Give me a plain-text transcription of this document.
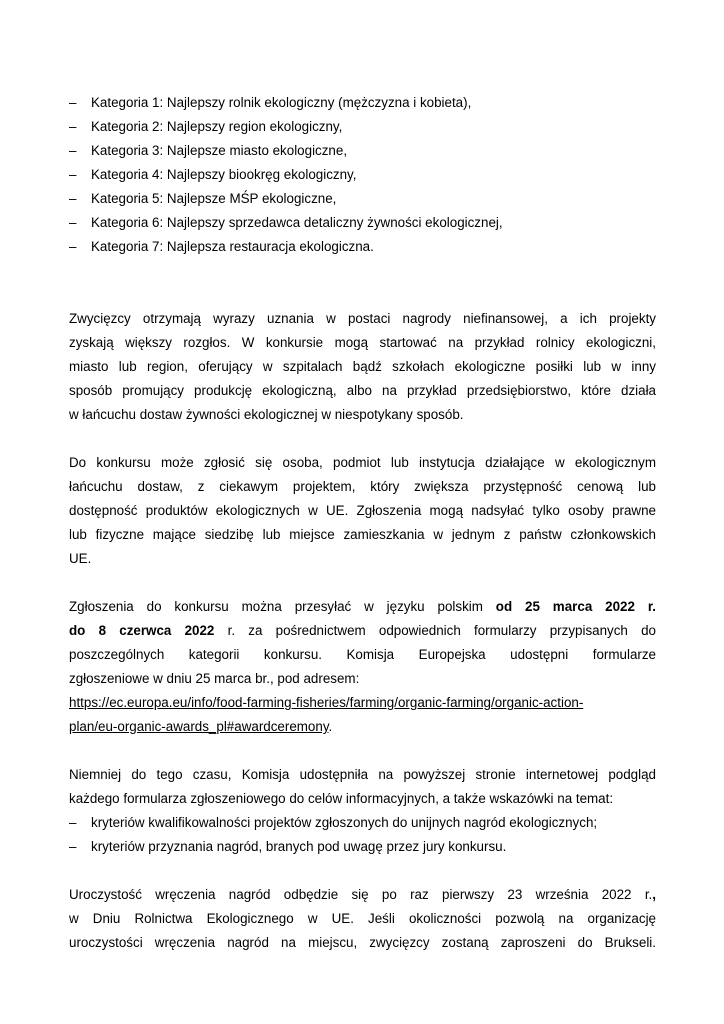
– Kategoria 1: Najlepszy rolnik ekologiczny (mężczyzna i kobieta),
– Kategoria 2: Najlepszy region ekologiczny,
– Kategoria 3: Najlepsze miasto ekologiczne,
– Kategoria 4: Najlepszy biookręg ekologiczny,
– Kategoria 5: Najlepsze MŚP ekologiczne,
– Kategoria 6: Najlepszy sprzedawca detaliczny żywności ekologicznej,
– Kategoria 7: Najlepsza restauracja ekologiczna.

Zwycięzcy otrzymają wyrazy uznania w postaci nagrody niefinansowej, a ich projekty
zyskają większy rozgłos. W konkursie mogą startować na przykład rolnicy ekologiczni,
miasto lub region, oferujący w szpitalach bądź szkołach ekologiczne posiłki lub w inny
sposób promujący produkcję ekologiczną, albo na przykład przedsiębiorstwo, które działa
w łańcuchu dostaw żywności ekologicznej w niespotykany sposób.

Do konkursu może zgłosić się osoba, podmiot lub instytucja działające w ekologicznym
łańcuchu dostaw, z ciekawym projektem, który zwiększa przystępność cenową lub
dostępność produktów ekologicznych w UE. Zgłoszenia mogą nadsyłać tylko osoby prawne
lub fizyczne mające siedzibę lub miejsce zamieszkania w jednym z państw członkowskich
UE.

Zgłoszenia do konkursu można przesyłać w języku polskim od 25 marca 2022 r.
do 8 czerwca 2022 r. za pośrednictwem odpowiednich formularzy przypisanych do
poszczególnych kategorii konkursu. Komisja Europejska udostępni formularze
zgłoszeniowe w dniu 25 marca br., pod adresem:
https://ec.europa.eu/info/food-farming-fisheries/farming/organic-farming/organic-action-
plan/eu-organic-awards_pl#awardceremony.

Niemniej do tego czasu, Komisja udostępniła na powyższej stronie internetowej podgląd
każdego formularza zgłoszeniowego do celów informacyjnych, a także wskazówki na temat:

– kryteriów kwalifikowalności projektów zgłoszonych do unijnych nagród ekologicznych;
– kryteriów przyznania nagród, branych pod uwagę przez jury konkursu.

Uroczystość wręczenia nagród odbędzie się po raz pierwszy 23 września 2022 r.,
w Dniu Rolnictwa Ekologicznego w UE. Jeśli okoliczności pozwolą na organizację
uroczystości wręczenia nagród na miejscu, zwycięzcy zostaną zaproszeni do Brukseli.
